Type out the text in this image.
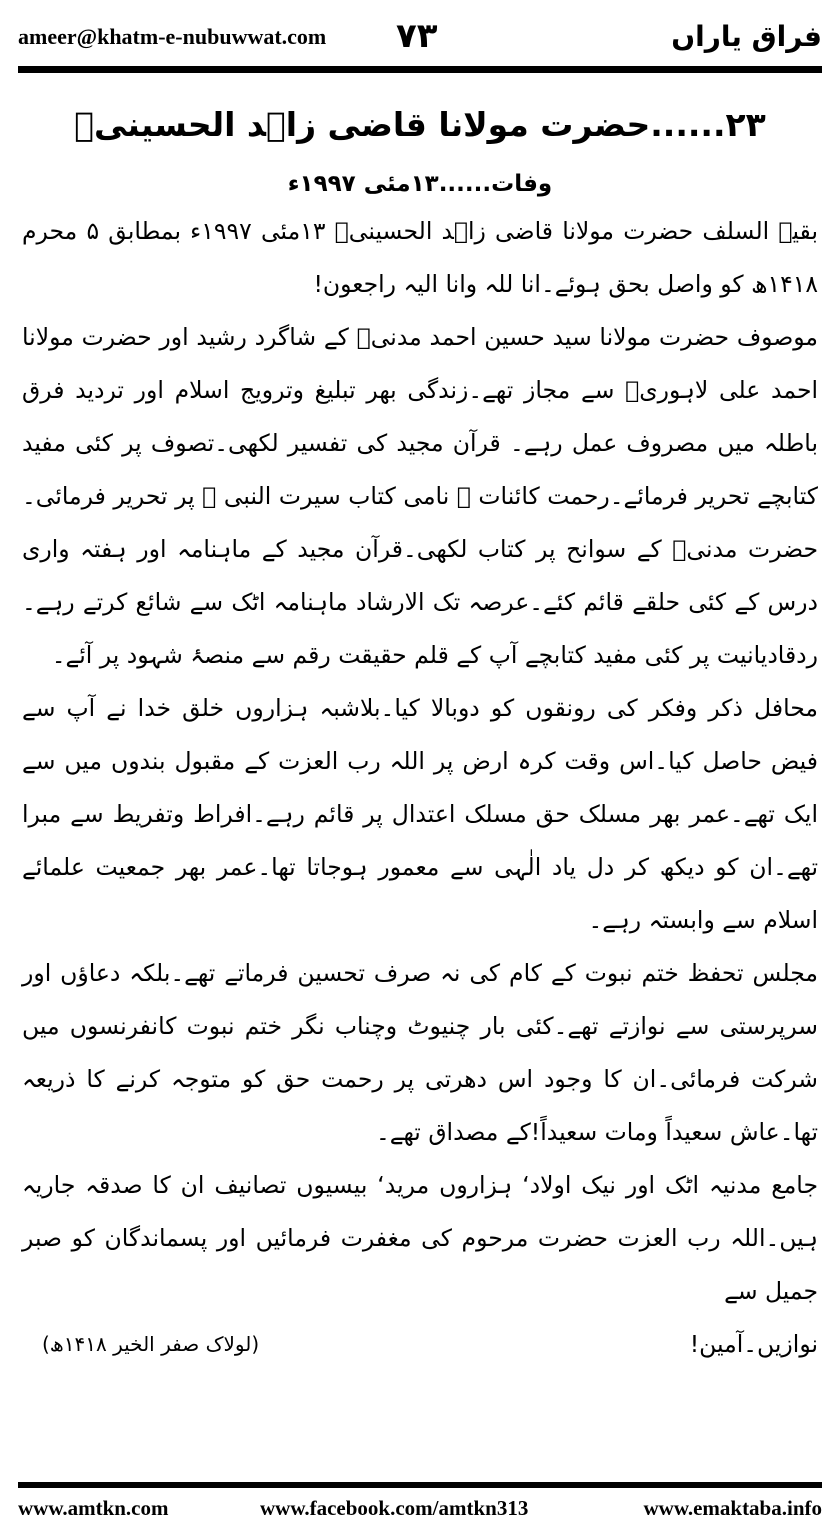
ameer@khatm-e-nubuwwat.com ۷۳	فراق یاراں
۲۳......حضرت مولانا قاضی زاہد الحسینیؒ
وفات......۱۳مئی ۱۹۹۷ء

بقیۃ السلف حضرت مولانا قاضی زاہد الحسینیؒ ۱۳مئی ۱۹۹۷ء بمطابق ۵ محرم ۱۴۱۸ھ کو واصل بحق ہوئے۔انا للہ وانا الیہ راجعون!

موصوف حضرت مولانا سید حسین احمد مدنیؒ کے شاگرد رشید اور حضرت مولانا احمد علی لاہوریؒ سے مجاز تھے۔زندگی بھر تبلیغ وترویج اسلام اور تردید فرق باطلہ میں مصروف عمل رہے۔ قرآن مجید کی تفسیر لکھی۔تصوف پر کئی مفید کتابچے تحریر فرمائے۔رحمت کائنات ﷺ نامی کتاب سیرت النبی ﷺ پر تحریر فرمائی۔حضرت مدنیؒ کے سوانح پر کتاب لکھی۔قرآن مجید کے ماہنامہ اور ہفتہ واری درس کے کئی حلقے قائم کئے۔عرصہ تک الارشاد ماہنامہ اٹک سے شائع کرتے رہے۔ردقادیانیت پر کئی مفید کتابچے آپ کے قلم حقیقت رقم سے منصۂ شہود پر آئے۔

محافل ذکر وفکر کی رونقوں کو دوبالا کیا۔بلاشبہ ہزاروں خلق خدا نے آپ سے فیض حاصل کیا۔اس وقت کرہ ارض پر اللہ رب العزت کے مقبول بندوں میں سے ایک تھے۔عمر بھر مسلک حق مسلک اعتدال پر قائم رہے۔افراط وتفریط سے مبرا تھے۔ان کو دیکھ کر دل یاد الٰہی سے معمور ہوجاتا تھا۔عمر بھر جمعیت علمائے اسلام سے وابستہ رہے۔

مجلس تحفظ ختم نبوت کے کام کی نہ صرف تحسین فرماتے تھے۔بلکہ دعاؤں اور سرپرستی سے نوازتے تھے۔کئی بار چنیوٹ وچناب نگر ختم نبوت کانفرنسوں میں شرکت فرمائی۔ان کا وجود اس دھرتی پر رحمت حق کو متوجہ کرنے کا ذریعہ تھا۔عاش سعیداً ومات سعیداً!کے مصداق تھے۔

جامع مدنیہ اٹک اور نیک اولاد‘ ہزاروں مرید‘ بیسیوں تصانیف ان کا صدقہ جاریہ ہیں۔اللہ رب العزت حضرت مرحوم کی مغفرت فرمائیں اور پسماندگان کو صبر جمیل سے

نوازیں۔آمین!
(لولاک صفر الخیر ۱۴۱۸ھ)
www.amtkn.com	www.facebook.com/amtkn313	www.emaktaba.info
